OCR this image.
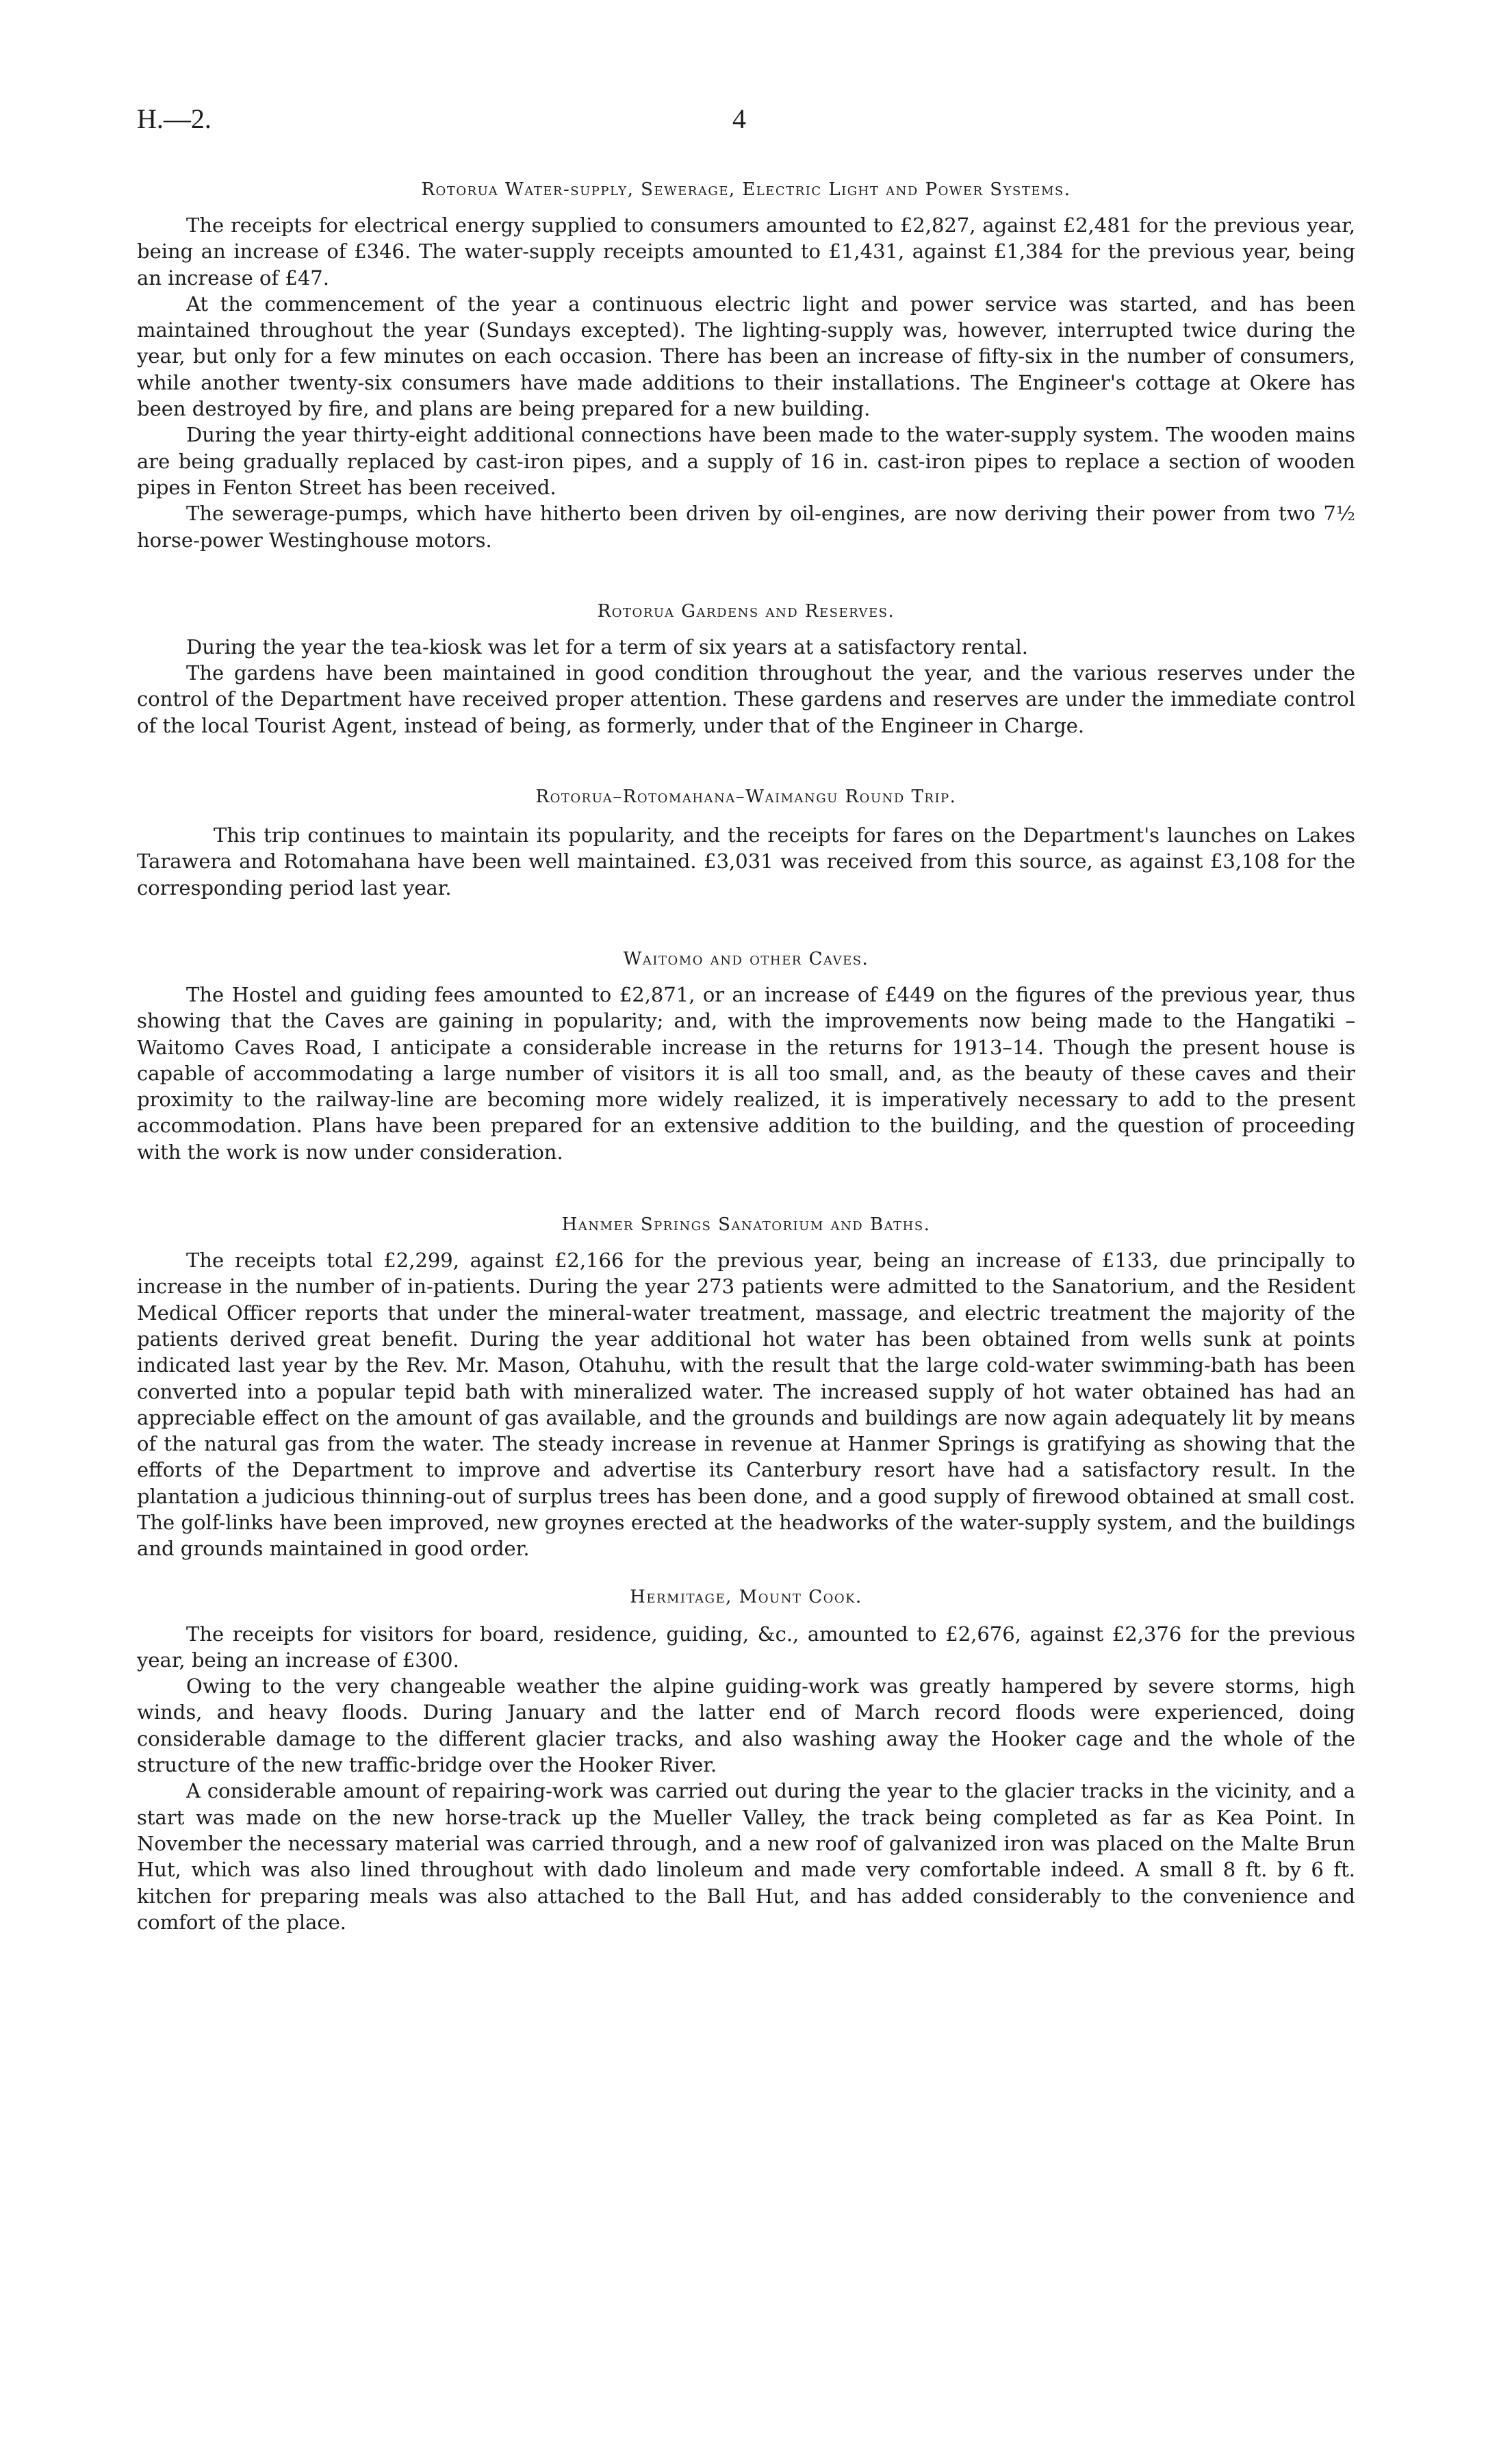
H.—2.	4
Rotorua Water-supply, Sewerage, Electric Light and Power Systems.

The receipts for electrical energy supplied to consumers amounted to £2,827, against £2,481 for the previous year, being an increase of £346. The water-supply receipts amounted to £1,431, against £1,384 for the previous year, being an increase of £47.

At the commencement of the year a continuous electric light and power service was started, and has been maintained throughout the year (Sundays excepted). The lighting-supply was, however, interrupted twice during the year, but only for a few minutes on each occasion. There has been an increase of fifty-six in the number of consumers, while another twenty-six consumers have made additions to their installations. The Engineer's cottage at Okere has been destroyed by fire, and plans are being prepared for a new building.

During the year thirty-eight additional connections have been made to the water-supply system. The wooden mains are being gradually replaced by cast-iron pipes, and a supply of 16 in. cast-iron pipes to replace a section of wooden pipes in Fenton Street has been received.

The sewerage-pumps, which have hitherto been driven by oil-engines, are now deriving their power from two 7½ horse-power Westinghouse motors.

Rotorua Gardens and Reserves.

During the year the tea-kiosk was let for a term of six years at a satisfactory rental.

The gardens have been maintained in good condition throughout the year, and the various reserves under the control of the Department have received proper attention. These gardens and reserves are under the immediate control of the local Tourist Agent, instead of being, as formerly, under that of the Engineer in Charge.

Rotorua–Rotomahana–Waimangu Round Trip.

This trip continues to maintain its popularity, and the receipts for fares on the Department's launches on Lakes Tarawera and Rotomahana have been well maintained. £3,031 was received from this source, as against £3,108 for the corresponding period last year.

Waitomo and other Caves.

The Hostel and guiding fees amounted to £2,871, or an increase of £449 on the figures of the previous year, thus showing that the Caves are gaining in popularity; and, with the improvements now being made to the Hangatiki – Waitomo Caves Road, I anticipate a considerable increase in the returns for 1913–14. Though the present house is capable of accommodating a large number of visitors it is all too small, and, as the beauty of these caves and their proximity to the railway-line are becoming more widely realized, it is imperatively necessary to add to the present accommodation. Plans have been prepared for an extensive addition to the building, and the question of proceeding with the work is now under consideration.

Hanmer Springs Sanatorium and Baths.

The receipts total £2,299, against £2,166 for the previous year, being an increase of £133, due principally to increase in the number of in-patients. During the year 273 patients were admitted to the Sanatorium, and the Resident Medical Officer reports that under the mineral-water treatment, massage, and electric treatment the majority of the patients derived great benefit. During the year additional hot water has been obtained from wells sunk at points indicated last year by the Rev. Mr. Mason, Otahuhu, with the result that the large cold-water swimming-bath has been converted into a popular tepid bath with mineralized water. The increased supply of hot water obtained has had an appreciable effect on the amount of gas available, and the grounds and buildings are now again adequately lit by means of the natural gas from the water. The steady increase in revenue at Hanmer Springs is gratifying as showing that the efforts of the Department to improve and advertise its Canterbury resort have had a satisfactory result. In the plantation a judicious thinning-out of surplus trees has been done, and a good supply of firewood obtained at small cost. The golf-links have been improved, new groynes erected at the headworks of the water-supply system, and the buildings and grounds maintained in good order.

Hermitage, Mount Cook.

The receipts for visitors for board, residence, guiding, &c., amounted to £2,676, against £2,376 for the previous year, being an increase of £300.

Owing to the very changeable weather the alpine guiding-work was greatly hampered by severe storms, high winds, and heavy floods. During January and the latter end of March record floods were experienced, doing considerable damage to the different glacier tracks, and also washing away the Hooker cage and the whole of the structure of the new traffic-bridge over the Hooker River.

A considerable amount of repairing-work was carried out during the year to the glacier tracks in the vicinity, and a start was made on the new horse-track up the Mueller Valley, the track being completed as far as Kea Point. In November the necessary material was carried through, and a new roof of galvanized iron was placed on the Malte Brun Hut, which was also lined throughout with dado linoleum and made very comfortable indeed. A small 8 ft. by 6 ft. kitchen for preparing meals was also attached to the Ball Hut, and has added considerably to the convenience and comfort of the place.
